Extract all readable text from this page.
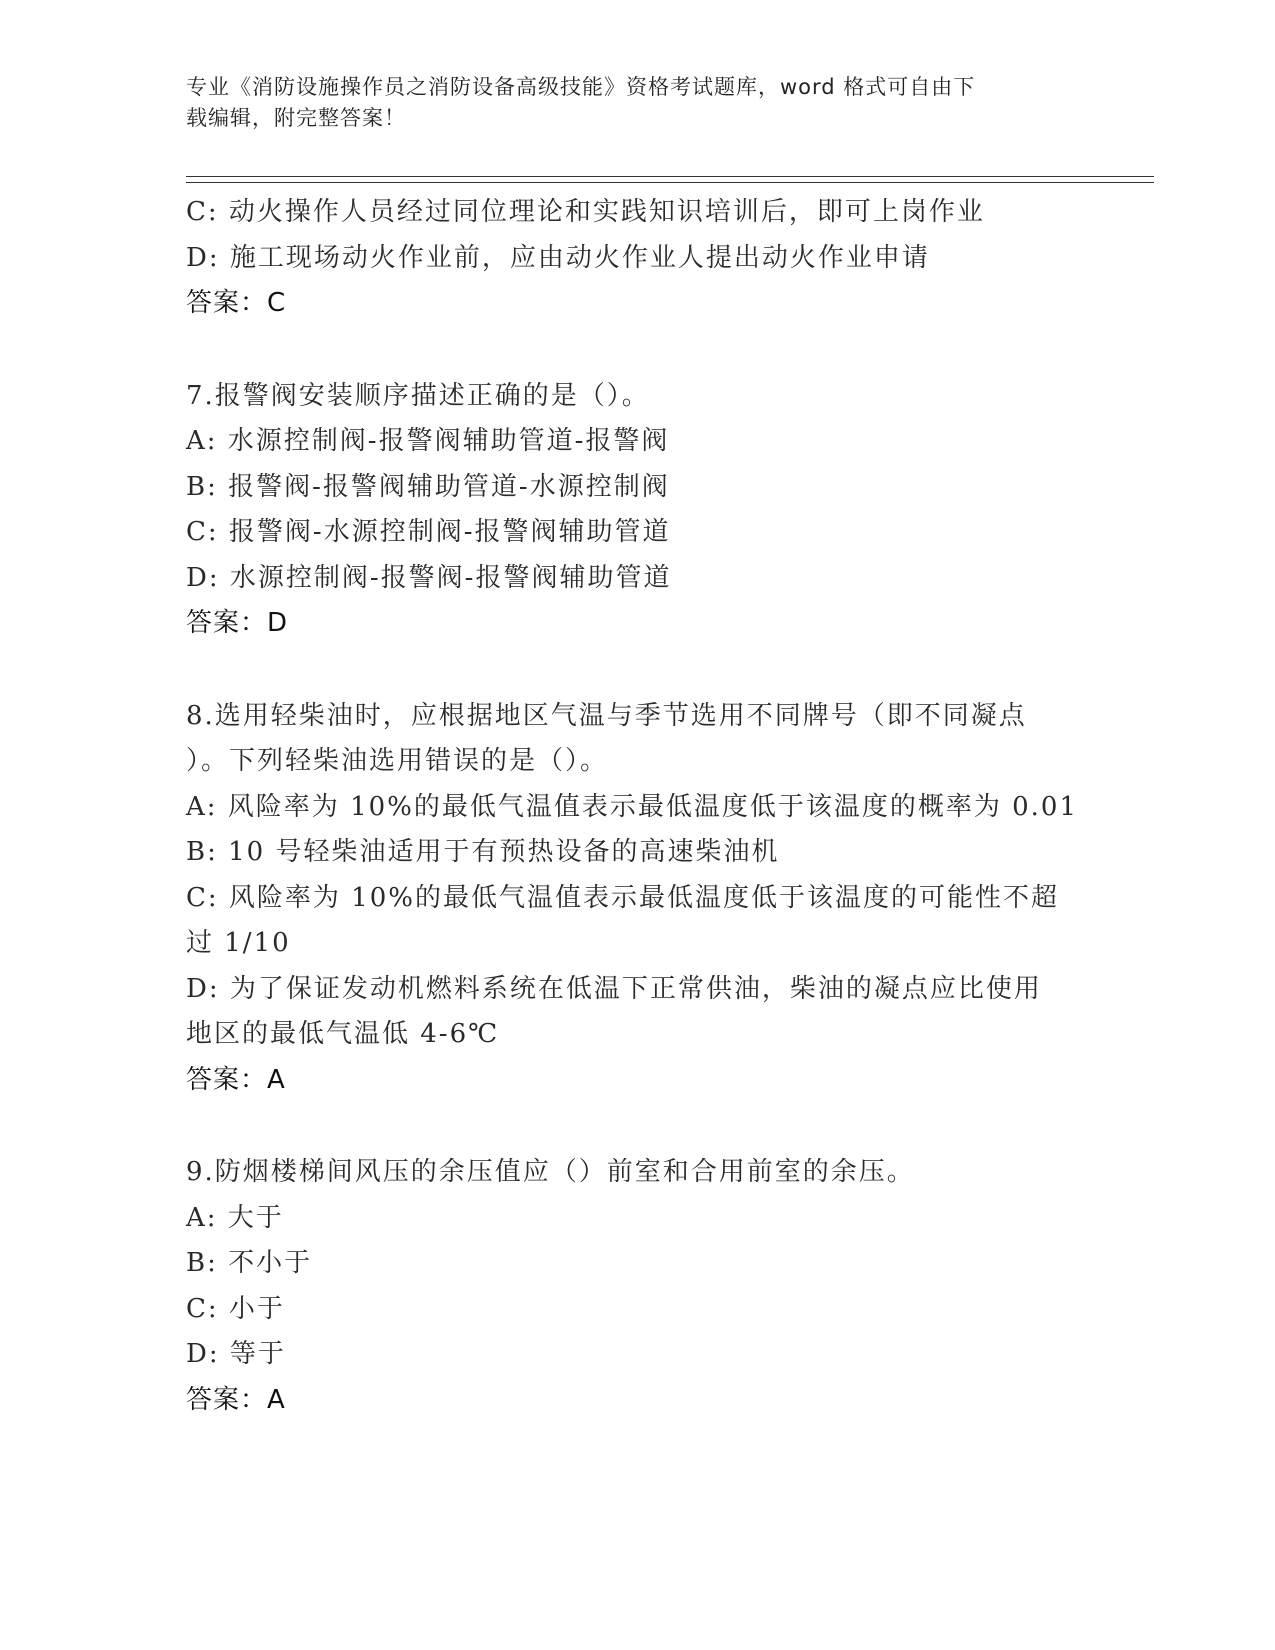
专业《消防设施操作员之消防设备高级技能》资格考试题库，word 格式可自由下
载编辑，附完整答案！
C: 动火操作人员经过同位理论和实践知识培训后，即可上岗作业
D: 施工现场动火作业前，应由动火作业人提出动火作业申请
答案：C
7.报警阀安装顺序描述正确的是（）。
A: 水源控制阀-报警阀辅助管道-报警阀
B: 报警阀-报警阀辅助管道-水源控制阀
C: 报警阀-水源控制阀-报警阀辅助管道
D: 水源控制阀-报警阀-报警阀辅助管道
答案：D
8.选用轻柴油时，应根据地区气温与季节选用不同牌号（即不同凝点
）。下列轻柴油选用错误的是（）。
A: 风险率为 10%的最低气温值表示最低温度低于该温度的概率为 0.01
B: 10 号轻柴油适用于有预热设备的高速柴油机
C: 风险率为 10%的最低气温值表示最低温度低于该温度的可能性不超
过 1/10
D: 为了保证发动机燃料系统在低温下正常供油，柴油的凝点应比使用
地区的最低气温低 4-6℃
答案：A
9.防烟楼梯间风压的余压值应（）前室和合用前室的余压。
A: 大于
B: 不小于
C: 小于
D: 等于
答案：A
